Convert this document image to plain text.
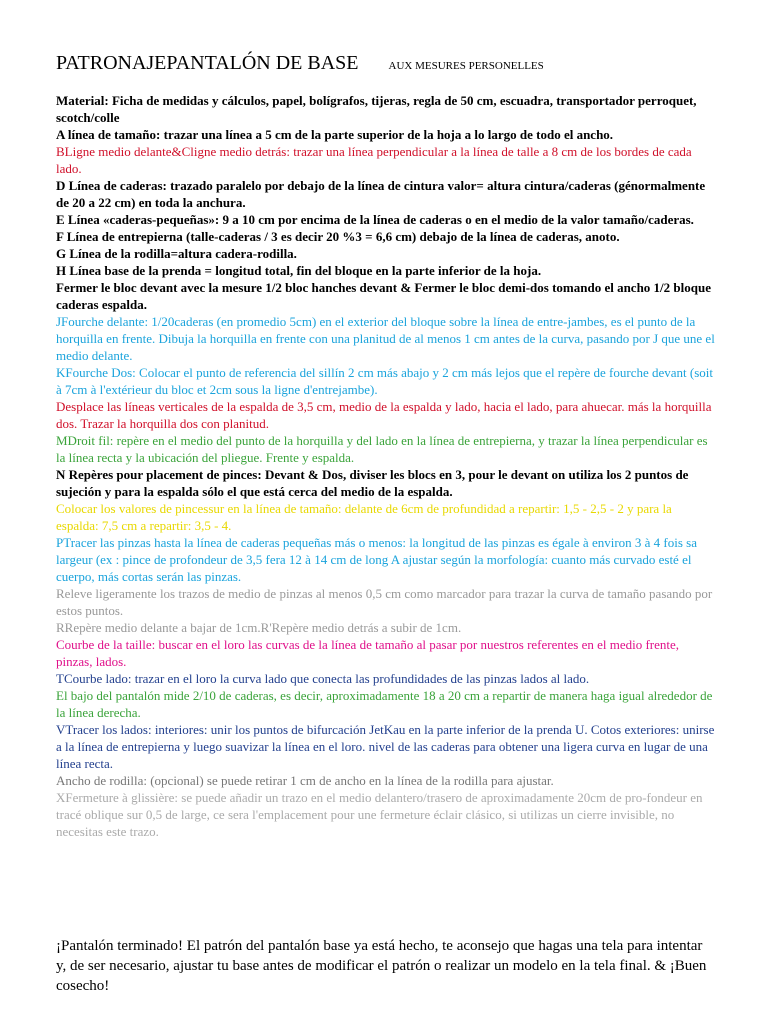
PATRONAJEPANTALÓN DE BASE	AUX MESURES PERSONELLES
Material: Ficha de medidas y cálculos, papel, bolígrafos, tijeras, regla de 50 cm, escuadra, transportador perroquet, scotch/colle
A línea de tamaño: trazar una línea a 5 cm de la parte superior de la hoja a lo largo de todo el ancho.
BLigne medio delante&Cligne medio detrás: trazar una línea perpendicular a la línea de talle a 8 cm de los bordes de cada lado.
D Línea de caderas: trazado paralelo por debajo de la línea de cintura valor= altura cintura/caderas (génormalmente de 20 a 22 cm) en toda la anchura.
E Línea «caderas-pequeñas»: 9 a 10 cm por encima de la línea de caderas o en el medio de la valor tamaño/caderas.
F Línea de entrepierna (talle-caderas / 3 es decir 20 %3 = 6,6 cm) debajo de la línea de caderas, anoto.
G Línea de la rodilla=altura cadera-rodilla.
H Línea base de la prenda = longitud total, fin del bloque en la parte inferior de la hoja.
Fermer le bloc devant avec la mesure 1/2 bloc hanches devant & Fermer le bloc demi-dos tomando el ancho 1/2 bloque caderas espalda.
JFourche delante: 1/20caderas (en promedio 5cm) en el exterior del bloque sobre la línea de entre-jambes, es el punto de la horquilla en frente. Dibuja la horquilla en frente con una planitud de al menos 1 cm antes de la curva, pasando por J que une el medio delante.
KFourche Dos: Colocar el punto de referencia del sillín 2 cm más abajo y 2 cm más lejos que el repère de fourche devant (soit à 7cm à l'extérieur du bloc et 2cm sous la ligne d'entrejambe).
Desplace las líneas verticales de la espalda de 3,5 cm, medio de la espalda y lado, hacia el lado, para ahuecar. más la horquilla dos. Trazar la horquilla dos con planitud.
MDroit fil: repère en el medio del punto de la horquilla y del lado en la línea de entrepierna, y trazar la línea perpendicular es la línea recta y la ubicación del pliegue. Frente y espalda.
N Repères pour placement de pinces: Devant & Dos, diviser les blocs en 3, pour le devant on utiliza los 2 puntos de sujeción y para la espalda sólo el que está cerca del medio de la espalda.
Colocar los valores de pincessur en la línea de tamaño: delante de 6cm de profundidad a repartir: 1,5 - 2,5 - 2 y para la espalda: 7,5 cm a repartir: 3,5 - 4.
PTracer las pinzas hasta la línea de caderas pequeñas más o menos: la longitud de las pinzas es égale à environ 3 à 4 fois sa largeur (ex : pince de profondeur de 3,5 fera 12 à 14 cm de long A ajustar según la morfología: cuanto más curvado esté el cuerpo, más cortas serán las pinzas.
Releve ligeramente los trazos de medio de pinzas al menos 0,5 cm como marcador para trazar la curva de tamaño pasando por estos puntos.
RRepère medio delante a bajar de 1cm.R'Repère medio detrás a subir de 1cm.
Courbe de la taille: buscar en el loro las curvas de la línea de tamaño al pasar por nuestros referentes en el medio frente, pinzas, lados.
TCourbe lado: trazar en el loro la curva lado que conecta las profundidades de las pinzas lados al lado.
El bajo del pantalón mide 2/10 de caderas, es decir, aproximadamente 18 a 20 cm a repartir de manera haga igual alrededor de la línea derecha.
VTracer los lados: interiores: unir los puntos de bifurcación JetKau en la parte inferior de la prenda U. Cotos exteriores: unirse a la línea de entrepierna y luego suavizar la línea en el loro. nivel de las caderas para obtener una ligera curva en lugar de una línea recta.
Ancho de rodilla: (opcional) se puede retirar 1 cm de ancho en la línea de la rodilla para ajustar.
XFermeture à glissière: se puede añadir un trazo en el medio delantero/trasero de aproximadamente 20cm de pro-fondeur en tracé oblique sur 0,5 de large, ce sera l'emplacement pour une fermeture éclair clásico, si utilizas un cierre invisible, no necesitas este trazo.
¡Pantalón terminado! El patrón del pantalón base ya está hecho, te aconsejo que hagas una tela para intentar y, de ser necesario, ajustar tu base antes de modificar el patrón o realizar un modelo en la tela final. & ¡Buen cosecho!
